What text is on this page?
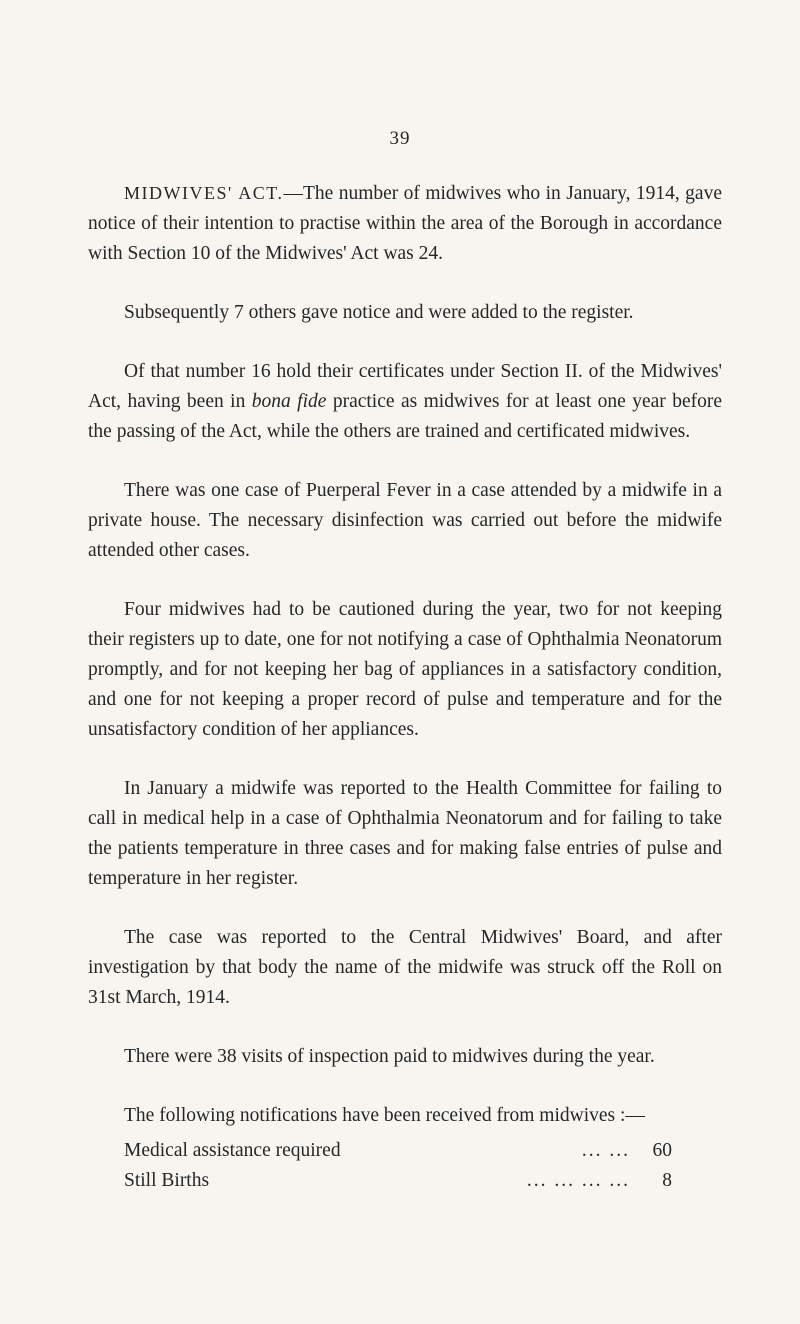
39

MIDWIVES' ACT.—The number of midwives who in January, 1914, gave notice of their intention to practise within the area of the Borough in accordance with Section 10 of the Midwives' Act was 24.

Subsequently 7 others gave notice and were added to the register.

Of that number 16 hold their certificates under Section II. of the Midwives' Act, having been in bona fide practice as midwives for at least one year before the passing of the Act, while the others are trained and certificated midwives.

There was one case of Puerperal Fever in a case attended by a midwife in a private house. The necessary disinfection was carried out before the midwife attended other cases.

Four midwives had to be cautioned during the year, two for not keeping their registers up to date, one for not notifying a case of Ophthalmia Neonatorum promptly, and for not keeping her bag of appliances in a satisfactory condition, and one for not keeping a proper record of pulse and temperature and for the unsatisfactory condition of her appliances.

In January a midwife was reported to the Health Committee for failing to call in medical help in a case of Ophthalmia Neonatorum and for failing to take the patients temperature in three cases and for making false entries of pulse and temperature in her register.

The case was reported to the Central Midwives' Board, and after investigation by that body the name of the midwife was struck off the Roll on 31st March, 1914.

There were 38 visits of inspection paid to midwives during the year.

The following notifications have been received from midwives :—

Medical assistance required	... ...	60
Still Births	... ... ... ...	8
